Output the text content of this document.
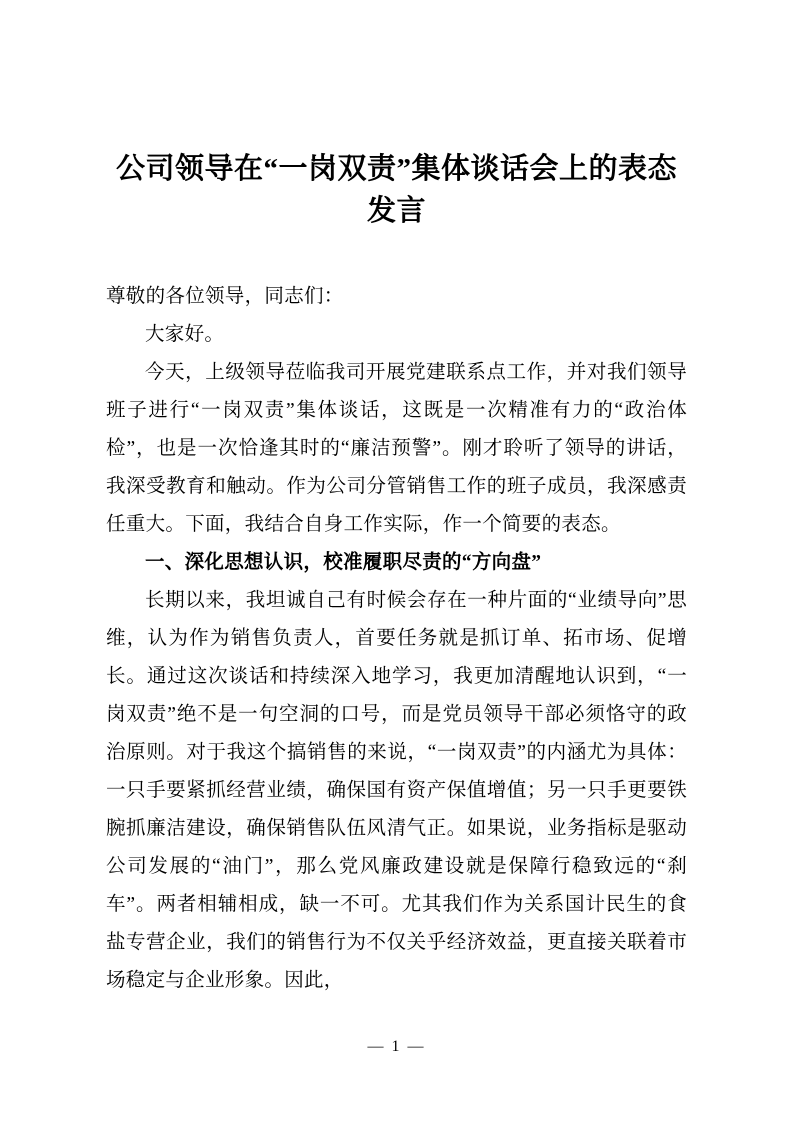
公司领导在“一岗双责”集体谈话会上的表态发言

尊敬的各位领导，同志们：

大家好。

今天，上级领导莅临我司开展党建联系点工作，并对我们领导班子进行“一岗双责”集体谈话，这既是一次精准有力的“政治体检”，也是一次恰逢其时的“廉洁预警”。刚才聆听了领导的讲话，我深受教育和触动。作为公司分管销售工作的班子成员，我深感责任重大。下面，我结合自身工作实际，作一个简要的表态。

一、深化思想认识，校准履职尽责的“方向盘”

长期以来，我坦诚自己有时候会存在一种片面的“业绩导向”思维，认为作为销售负责人，首要任务就是抓订单、拓市场、促增长。通过这次谈话和持续深入地学习，我更加清醒地认识到，“一岗双责”绝不是一句空洞的口号，而是党员领导干部必须恪守的政治原则。对于我这个搞销售的来说，“一岗双责”的内涵尤为具体：一只手要紧抓经营业绩，确保国有资产保值增值；另一只手更要铁腕抓廉洁建设，确保销售队伍风清气正。如果说，业务指标是驱动公司发展的“油门”，那么党风廉政建设就是保障行稳致远的“刹车”。两者相辅相成，缺一不可。尤其我们作为关系国计民生的食盐专营企业，我们的销售行为不仅关乎经济效益，更直接关联着市场稳定与企业形象。因此，

— 1 —
